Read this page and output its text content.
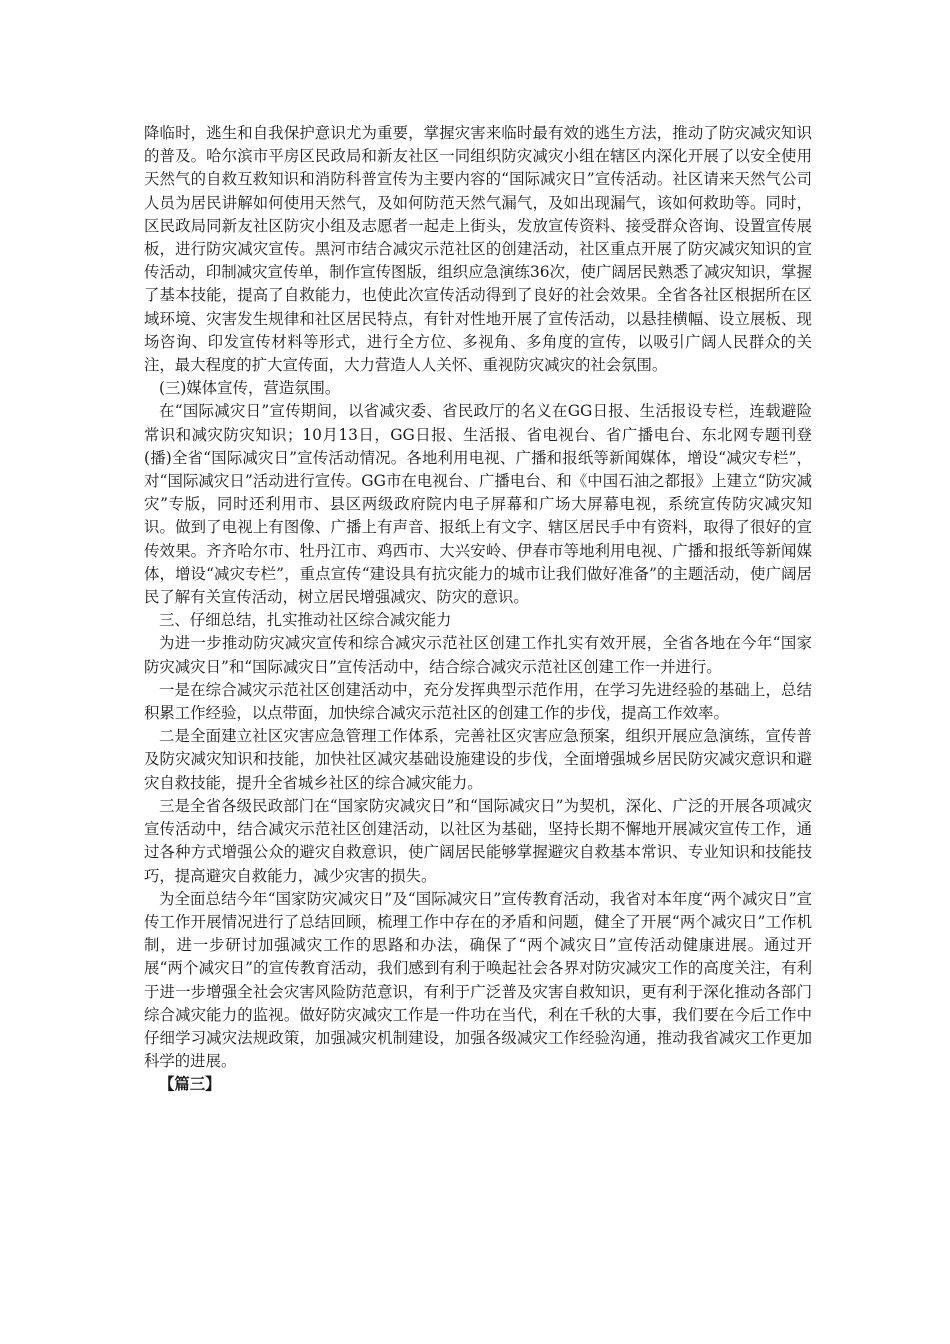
降临时，逃生和自我保护意识尤为重要，掌握灾害来临时最有效的逃生方法，推动了防灾减灾知识的普及。哈尔滨市平房区民政局和新友社区一同组织防灾减灾小组在辖区内深化开展了以安全使用天然气的自救互救知识和消防科普宣传为主要内容的“国际减灾日”宣传活动。社区请来天然气公司人员为居民讲解如何使用天然气，及如何防范天然气漏气，及如出现漏气，该如何救助等。同时，区民政局同新友社区防灾小组及志愿者一起走上街头，发放宣传资料、接受群众咨询、设置宣传展板，进行防灾减灾宣传。黑河市结合减灾示范社区的创建活动，社区重点开展了防灾减灾知识的宣传活动，印制减灾宣传单，制作宣传图版，组织应急演练36次，使广阔居民熟悉了减灾知识，掌握了基本技能，提高了自救能力，也使此次宣传活动得到了良好的社会效果。全省各社区根据所在区域环境、灾害发生规律和社区居民特点，有针对性地开展了宣传活动，以悬挂横幅、设立展板、现场咨询、印发宣传材料等形式，进行全方位、多视角、多角度的宣传，以吸引广阔人民群众的关注，最大程度的扩大宣传面，大力营造人人关怀、重视防灾减灾的社会氛围。

(三)媒体宣传，营造氛围。

在“国际减灾日”宣传期间，以省减灾委、省民政厅的名义在GG日报、生活报设专栏，连载避险常识和减灾防灾知识；10月13日，GG日报、生活报、省电视台、省广播电台、东北网专题刊登(播)全省“国际减灾日”宣传活动情况。各地利用电视、广播和报纸等新闻媒体，增设“减灾专栏”，对“国际减灾日”活动进行宣传。GG市在电视台、广播电台、和《中国石油之都报》上建立“防灾减灾”专版，同时还利用市、县区两级政府院内电子屏幕和广场大屏幕电视，系统宣传防灾减灾知识。做到了电视上有图像、广播上有声音、报纸上有文字、辖区居民手中有资料，取得了很好的宣传效果。齐齐哈尔市、牡丹江市、鸡西市、大兴安岭、伊春市等地利用电视、广播和报纸等新闻媒体，增设“减灾专栏”，重点宣传“建设具有抗灾能力的城市让我们做好准备”的主题活动，使广阔居民了解有关宣传活动，树立居民增强减灾、防灾的意识。

三、仔细总结，扎实推动社区综合减灾能力

为进一步推动防灾减灾宣传和综合减灾示范社区创建工作扎实有效开展，全省各地在今年“国家防灾减灾日”和“国际减灾日”宣传活动中，结合综合减灾示范社区创建工作一并进行。

一是在综合减灾示范社区创建活动中，充分发挥典型示范作用，在学习先进经验的基础上，总结积累工作经验，以点带面，加快综合减灾示范社区的创建工作的步伐，提高工作效率。

二是全面建立社区灾害应急管理工作体系，完善社区灾害应急预案，组织开展应急演练，宣传普及防灾减灾知识和技能，加快社区减灾基础设施建设的步伐，全面增强城乡居民防灾减灾意识和避灾自救技能，提升全省城乡社区的综合减灾能力。

三是全省各级民政部门在“国家防灾减灾日”和“国际减灾日”为契机，深化、广泛的开展各项减灾宣传活动中，结合减灾示范社区创建活动，以社区为基础，坚持长期不懈地开展减灾宣传工作，通过各种方式增强公众的避灾自救意识，使广阔居民能够掌握避灾自救基本常识、专业知识和技能技巧，提高避灾自救能力，减少灾害的损失。

为全面总结今年“国家防灾减灾日”及“国际减灾日”宣传教育活动，我省对本年度“两个减灾日”宣传工作开展情况进行了总结回顾，梳理工作中存在的矛盾和问题，健全了开展“两个减灾日”工作机制，进一步研讨加强减灾工作的思路和办法，确保了“两个减灾日”宣传活动健康进展。通过开展“两个减灾日”的宣传教育活动，我们感到有利于唤起社会各界对防灾减灾工作的高度关注，有利于进一步增强全社会灾害风险防范意识，有利于广泛普及灾害自救知识，更有利于深化推动各部门综合减灾能力的监视。做好防灾减灾工作是一件功在当代，利在千秋的大事，我们要在今后工作中仔细学习减灾法规政策，加强减灾机制建设，加强各级减灾工作经验沟通，推动我省减灾工作更加科学的进展。

【篇三】
